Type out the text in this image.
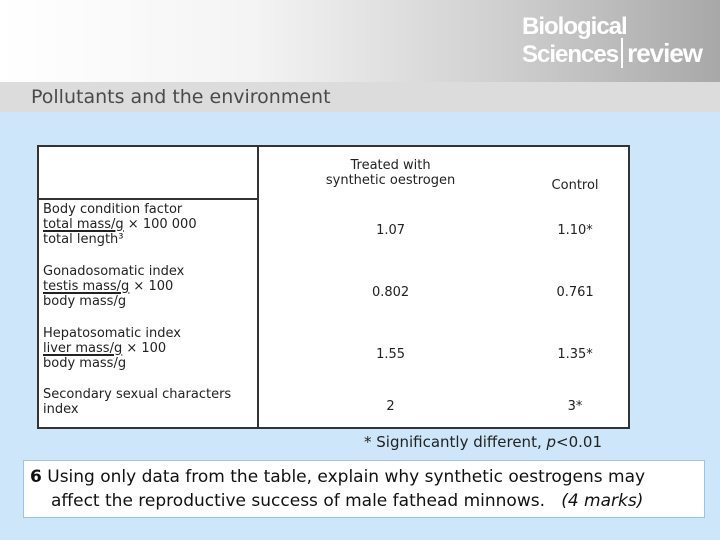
Biological
Sciences review
Pollutants and the environment
	Treated with
synthetic oestrogen	Control
Body condition factor	1.07	1.10*
total mass/g × 100 000
total length³		
Gonadosomatic index	0.802	0.761
testis mass/g × 100
body mass/g		
Hepatosomatic index	1.55	1.35*
liver mass/g × 100
body mass/g		
Secondary sexual characters
index	2	3*
* Significantly different, p<0.01
6 Using only data from the table, explain why synthetic oestrogens may
affect the reproductive success of male fathead minnows. (4 marks)
